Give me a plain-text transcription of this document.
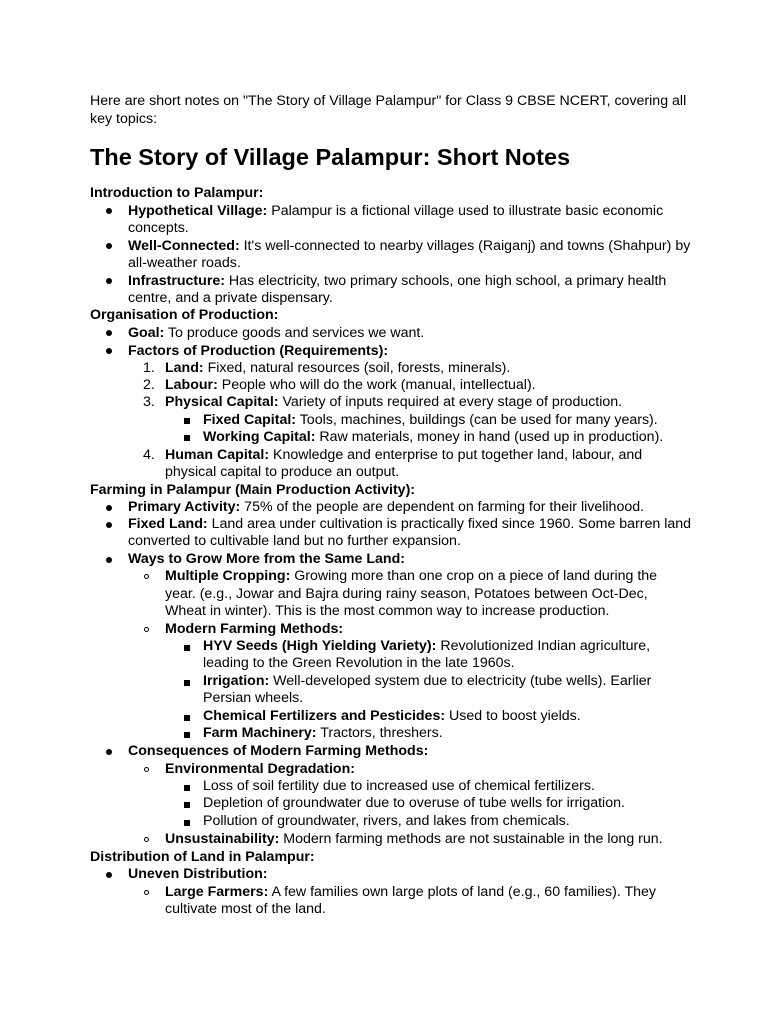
Here are short notes on "The Story of Village Palampur" for Class 9 CBSE NCERT, covering all key topics:
The Story of Village Palampur: Short Notes
Introduction to Palampur:
Hypothetical Village: Palampur is a fictional village used to illustrate basic economic
concepts.
Well-Connected: It's well-connected to nearby villages (Raiganj) and towns (Shahpur) by
all-weather roads.
Infrastructure: Has electricity, two primary schools, one high school, a primary health
centre, and a private dispensary.
Organisation of Production:
Goal: To produce goods and services we want.
Factors of Production (Requirements):
1. Land: Fixed, natural resources (soil, forests, minerals).
2. Labour: People who will do the work (manual, intellectual).
3. Physical Capital: Variety of inputs required at every stage of production.
Fixed Capital: Tools, machines, buildings (can be used for many years).
Working Capital: Raw materials, money in hand (used up in production).
4. Human Capital: Knowledge and enterprise to put together land, labour, and
physical capital to produce an output.
Farming in Palampur (Main Production Activity):
Primary Activity: 75% of the people are dependent on farming for their livelihood.
Fixed Land: Land area under cultivation is practically fixed since 1960. Some barren land
converted to cultivable land but no further expansion.
Ways to Grow More from the Same Land:
Multiple Cropping: Growing more than one crop on a piece of land during the
year. (e.g., Jowar and Bajra during rainy season, Potatoes between Oct-Dec,
Wheat in winter). This is the most common way to increase production.
Modern Farming Methods:
HYV Seeds (High Yielding Variety): Revolutionized Indian agriculture,
leading to the Green Revolution in the late 1960s.
Irrigation: Well-developed system due to electricity (tube wells). Earlier
Persian wheels.
Chemical Fertilizers and Pesticides: Used to boost yields.
Farm Machinery: Tractors, threshers.
Consequences of Modern Farming Methods:
Environmental Degradation:
Loss of soil fertility due to increased use of chemical fertilizers.
Depletion of groundwater due to overuse of tube wells for irrigation.
Pollution of groundwater, rivers, and lakes from chemicals.
Unsustainability: Modern farming methods are not sustainable in the long run.
Distribution of Land in Palampur:
Uneven Distribution:
Large Farmers: A few families own large plots of land (e.g., 60 families). They
cultivate most of the land.
